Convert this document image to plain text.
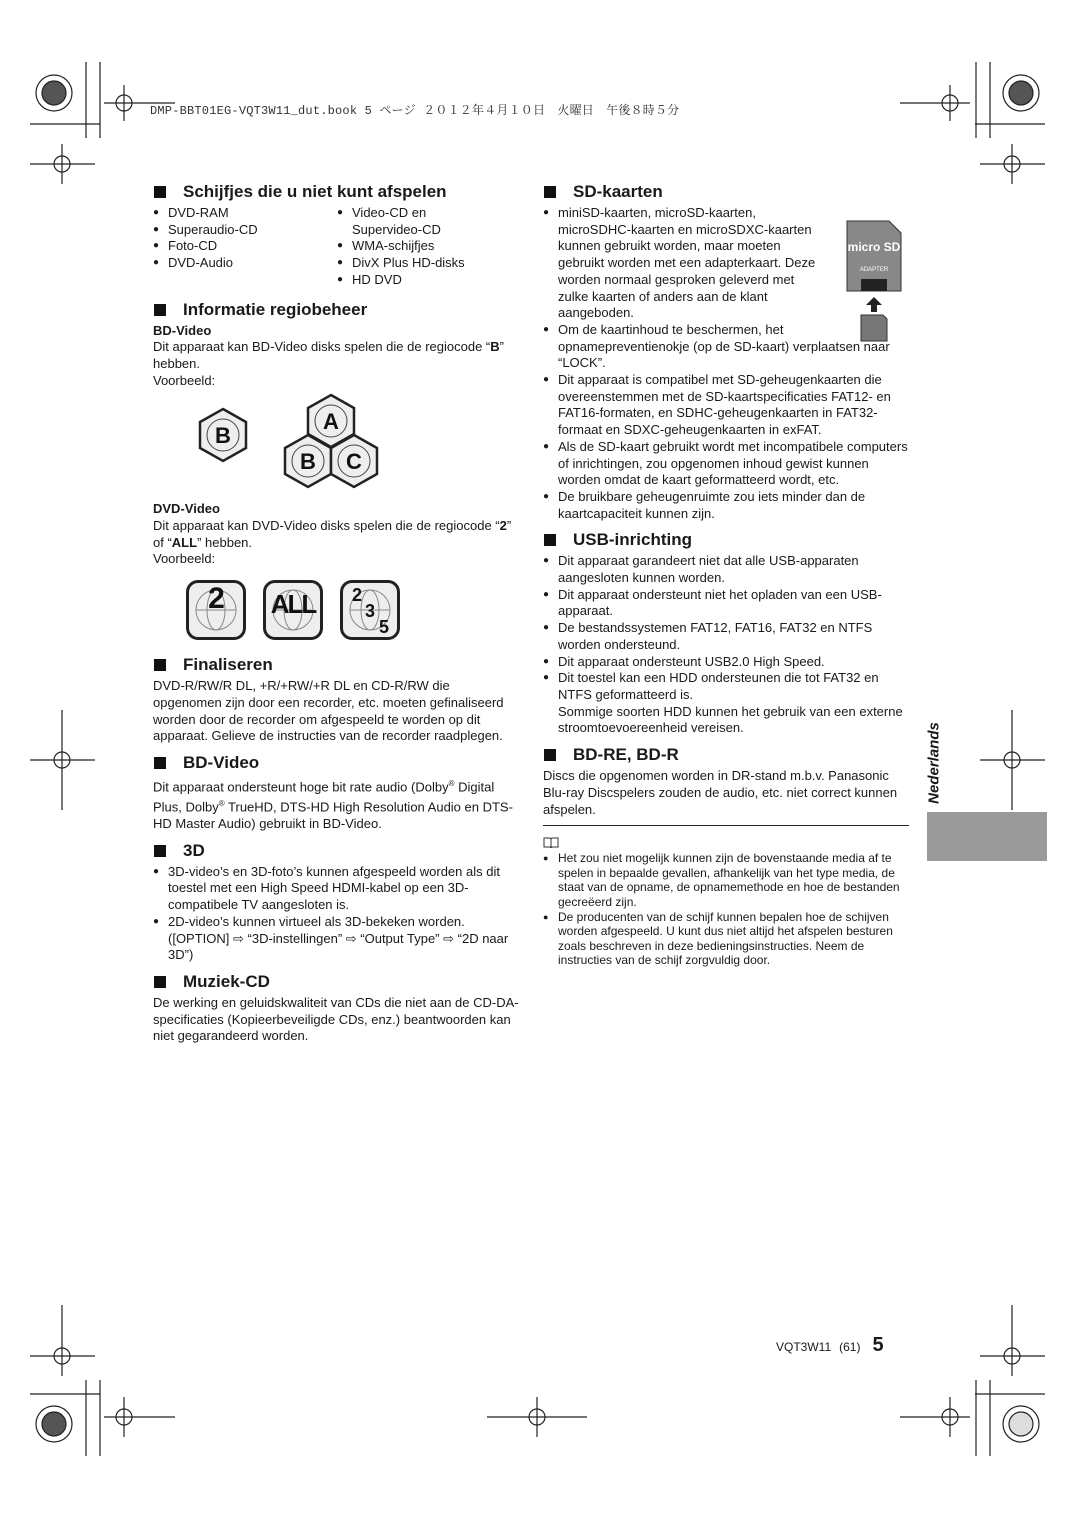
DMP-BBT01EG-VQT3W11_dut.book 5 ページ ２０１２年４月１０日　火曜日　午後８時５分
Schijfjes die u niet kunt afspelen
● DVD-RAM
● Superaudio-CD
● Foto-CD
● DVD-Audio
● Video-CD en Supervideo-CD
● WMA-schijfjes
● DivX Plus HD-disks
● HD DVD
Informatie regiobeheer

BD-Video

Dit apparaat kan BD-Video disks spelen die de regiocode “B” hebben.

Voorbeeld:

B
A
B C

DVD-Video

Dit apparaat kan DVD-Video disks spelen die de regiocode “2” of “ALL” hebben.

Voorbeeld:

2	ALL 2
3
5
Finaliseren

DVD-R/RW/R DL, +R/+RW/+R DL en CD-R/RW die opgenomen zijn door een recorder, etc. moeten gefinaliseerd worden door de recorder om afgespeeld te worden op dit apparaat. Gelieve de instructies van de recorder raadplegen.

BD-Video

Dit apparaat ondersteunt hoge bit rate audio (Dolby® Digital Plus, Dolby® TrueHD, DTS-HD High Resolution Audio en DTS-HD Master Audio) gebruikt in BD-Video.

3D
● 3D-video’s en 3D-foto’s kunnen afgespeeld worden als dit toestel met een High Speed HDMI-kabel op een 3D-compatibele TV aangesloten is.
● 2D-video’s kunnen virtueel als 3D-bekeken worden. ([OPTION] ⇨ “3D-instellingen” ⇨ “Output Type” ⇨ “2D naar 3D”)
Muziek-CD

De werking en geluidskwaliteit van CDs die niet aan de CD-DA-specificaties (Kopieerbeveiligde CDs, enz.) beantwoorden kan niet gegarandeerd worden.

SD-kaarten
micro SD
ADAPTER
● miniSD-kaarten, microSD-kaarten, microSDHC-kaarten en microSDXC-kaarten kunnen gebruikt worden, maar moeten gebruikt worden met een adapterkaart. Deze worden normaal gesproken geleverd met zulke kaarten of anders aan de klant aangeboden.
● Om de kaartinhoud te beschermen, het opnamepreventienokje (op de SD-kaart) verplaatsen naar “LOCK”.
● Dit apparaat is compatibel met SD-geheugenkaarten die overeenstemmen met de SD-kaartspecificaties FAT12- en FAT16-formaten, en SDHC-geheugenkaarten in FAT32-formaat en SDXC-geheugenkaarten in exFAT.
● Als de SD-kaart gebruikt wordt met incompatibele computers of inrichtingen, zou opgenomen inhoud gewist kunnen worden omdat de kaart geformatteerd wordt, etc.
● De bruikbare geheugenruimte zou iets minder dan de kaartcapaciteit kunnen zijn.
USB-inrichting
● Dit apparaat garandeert niet dat alle USB-apparaten aangesloten kunnen worden.
● Dit apparaat ondersteunt niet het opladen van een USB-apparaat.
● De bestandssystemen FAT12, FAT16, FAT32 en NTFS worden ondersteund.
● Dit apparaat ondersteunt USB2.0 High Speed.
● Dit toestel kan een HDD ondersteunen die tot FAT32 en NTFS geformatteerd is.

Sommige soorten HDD kunnen het gebruik van een externe stroomtoevoereenheid vereisen.

BD-RE, BD-R

Discs die opgenomen worden in DR-stand m.b.v. Panasonic Blu-ray Discspelers zouden de audio, etc. niet correct kunnen afspelen.

● Het zou niet mogelijk kunnen zijn de bovenstaande media af te spelen in bepaalde gevallen, afhankelijk van het type media, de staat van de opname, de opnamemethode en hoe de bestanden gecreëerd zijn.
● De producenten van de schijf kunnen bepalen hoe de schijven worden afgespeeld. U kunt dus niet altijd het afspelen besturen zoals beschreven in deze bedieningsinstructies. Neem de instructies van de schijf zorgvuldig door.
Nederlands
VQT3W11 (61) 5
